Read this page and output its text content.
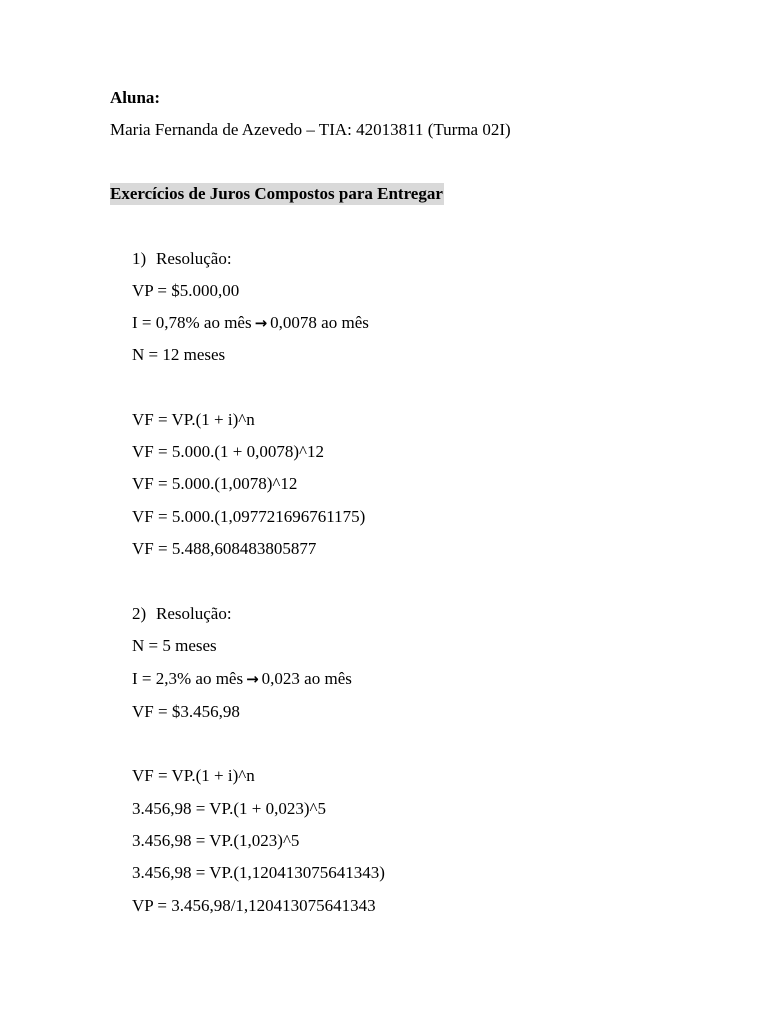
Aluna:
Maria Fernanda de Azevedo – TIA: 42013811 (Turma 02I)
Exercícios de Juros Compostos para Entregar
1) Resolução:
VP = $5.000,00
I = 0,78% ao mês → 0,0078 ao mês
N = 12 meses
VF = VP.(1 + i)^n
VF = 5.000.(1 + 0,0078)^12
VF = 5.000.(1,0078)^12
VF = 5.000.(1,097721696761175)
VF = 5.488,608483805877
2) Resolução:
N = 5 meses
I = 2,3% ao mês → 0,023 ao mês
VF = $3.456,98
VF = VP.(1 + i)^n
3.456,98 = VP.(1 + 0,023)^5
3.456,98 = VP.(1,023)^5
3.456,98 = VP.(1,120413075641343)
VP = 3.456,98/1,120413075641343
